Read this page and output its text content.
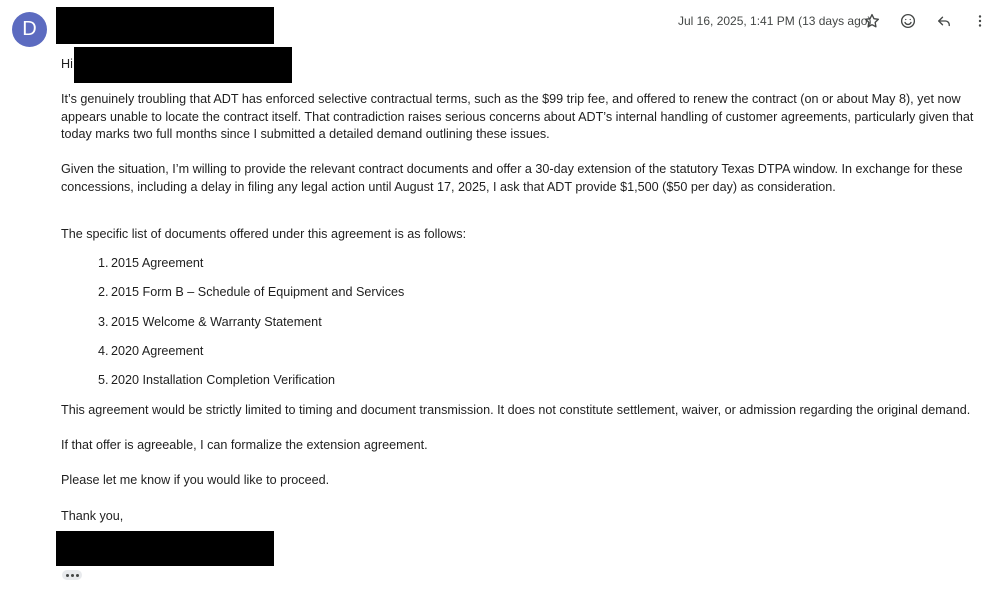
D	Jul 16, 2025, 1:41 PM (13 days ago)
Hi
It’s genuinely troubling that ADT has enforced selective contractual terms, such as the $99 trip fee, and offered to renew the contract (on or about May 8), yet now appears unable to locate the contract itself. That contradiction raises serious concerns about ADT’s internal handling of customer agreements, particularly given that today marks two full months since I submitted a detailed demand outlining these issues.
Given the situation, I’m willing to provide the relevant contract documents and offer a 30-day extension of the statutory Texas DTPA window. In exchange for these concessions, including a delay in filing any legal action until August 17, 2025, I ask that ADT provide $1,500 ($50 per day) as consideration.
The specific list of documents offered under this agreement is as follows:
1. 2015 Agreement
2. 2015 Form B – Schedule of Equipment and Services
3. 2015 Welcome & Warranty Statement
4. 2020 Agreement
5. 2020 Installation Completion Verification
This agreement would be strictly limited to timing and document transmission. It does not constitute settlement, waiver, or admission regarding the original demand.
If that offer is agreeable, I can formalize the extension agreement.
Please let me know if you would like to proceed.
Thank you,
